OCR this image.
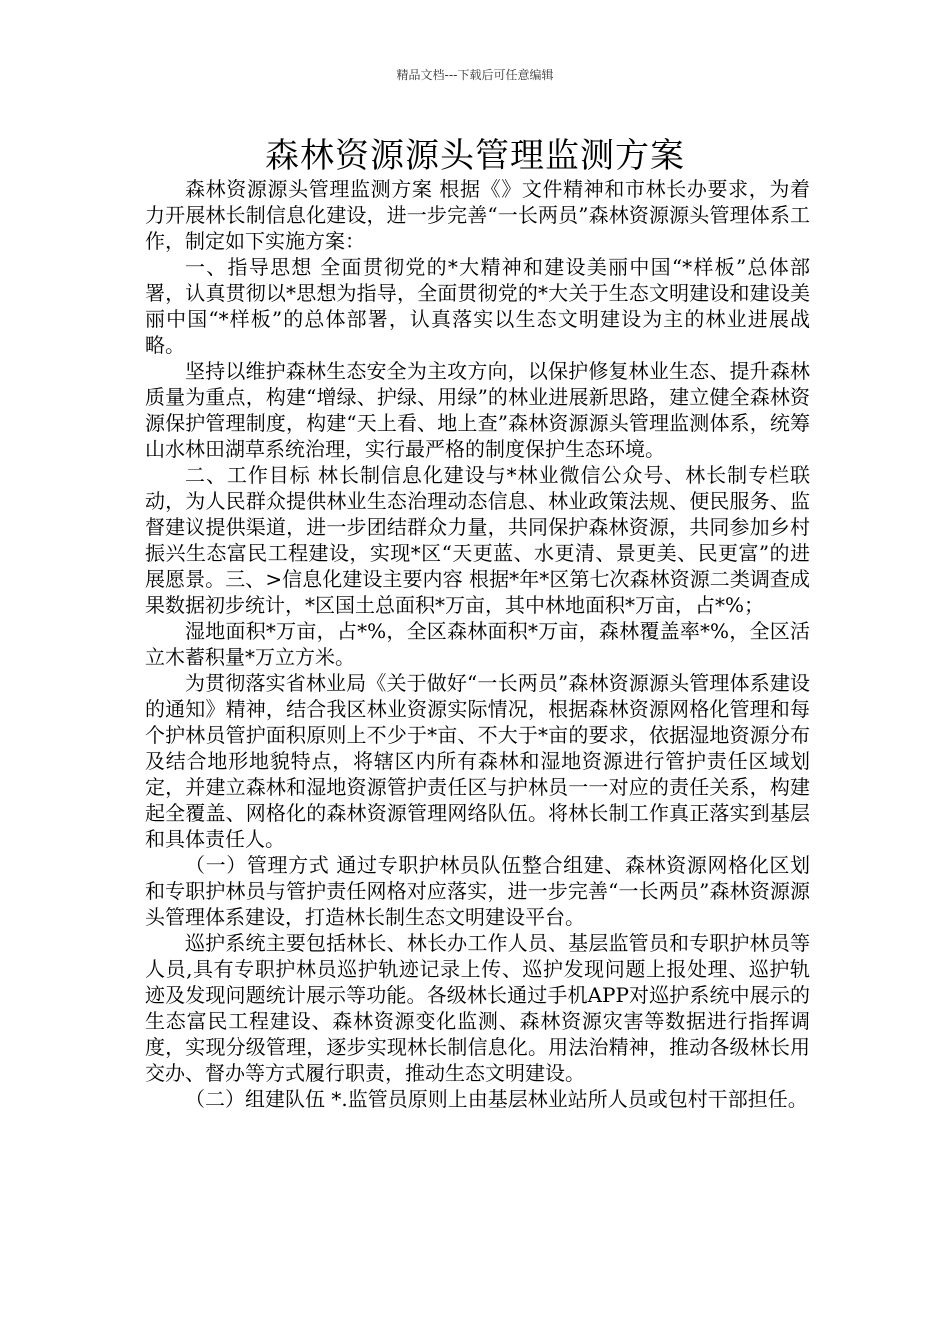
精品文档---下载后可任意编辑
森林资源源头管理监测方案

森林资源源头管理监测方案 根据《》文件精神和市林长办要求，为着力开展林长制信息化建设，进一步完善“一长两员”森林资源源头管理体系工作，制定如下实施方案：

一、指导思想 全面贯彻党的*大精神和建设美丽中国“*样板”总体部署，认真贯彻以*思想为指导，全面贯彻党的*大关于生态文明建设和建设美丽中国“*样板”的总体部署，认真落实以生态文明建设为主的林业进展战略。

坚持以维护森林生态安全为主攻方向，以保护修复林业生态、提升森林质量为重点，构建“增绿、护绿、用绿”的林业进展新思路，建立健全森林资源保护管理制度，构建“天上看、地上查”森林资源源头管理监测体系，统筹山水林田湖草系统治理，实行最严格的制度保护生态环境。

二、工作目标 林长制信息化建设与*林业微信公众号、林长制专栏联动，为人民群众提供林业生态治理动态信息、林业政策法规、便民服务、监督建议提供渠道，进一步团结群众力量，共同保护森林资源，共同参加乡村振兴生态富民工程建设，实现*区“天更蓝、水更清、景更美、民更富”的进展愿景。三、>信息化建设主要内容 根据*年*区第七次森林资源二类调查成果数据初步统计，*区国土总面积*万亩，其中林地面积*万亩，占*%；

湿地面积*万亩，占*%，全区森林面积*万亩，森林覆盖率*%，全区活立木蓄积量*万立方米。

为贯彻落实省林业局《关于做好“一长两员”森林资源源头管理体系建设的通知》精神，结合我区林业资源实际情况，根据森林资源网格化管理和每个护林员管护面积原则上不少于*亩、不大于*亩的要求，依据湿地资源分布及结合地形地貌特点，将辖区内所有森林和湿地资源进行管护责任区域划定，并建立森林和湿地资源管护责任区与护林员一一对应的责任关系，构建起全覆盖、网格化的森林资源管理网络队伍。将林长制工作真正落实到基层和具体责任人。

（一）管理方式 通过专职护林员队伍整合组建、森林资源网格化区划和专职护林员与管护责任网格对应落实，进一步完善“一长两员”森林资源源头管理体系建设，打造林长制生态文明建设平台。

巡护系统主要包括林长、林长办工作人员、基层监管员和专职护林员等人员,具有专职护林员巡护轨迹记录上传、巡护发现问题上报处理、巡护轨迹及发现问题统计展示等功能。各级林长通过手机APP对巡护系统中展示的生态富民工程建设、森林资源变化监测、森林资源灾害等数据进行指挥调度，实现分级管理，逐步实现林长制信息化。用法治精神，推动各级林长用交办、督办等方式履行职责，推动生态文明建设。

（二）组建队伍 *.监管员原则上由基层林业站所人员或包村干部担任。
